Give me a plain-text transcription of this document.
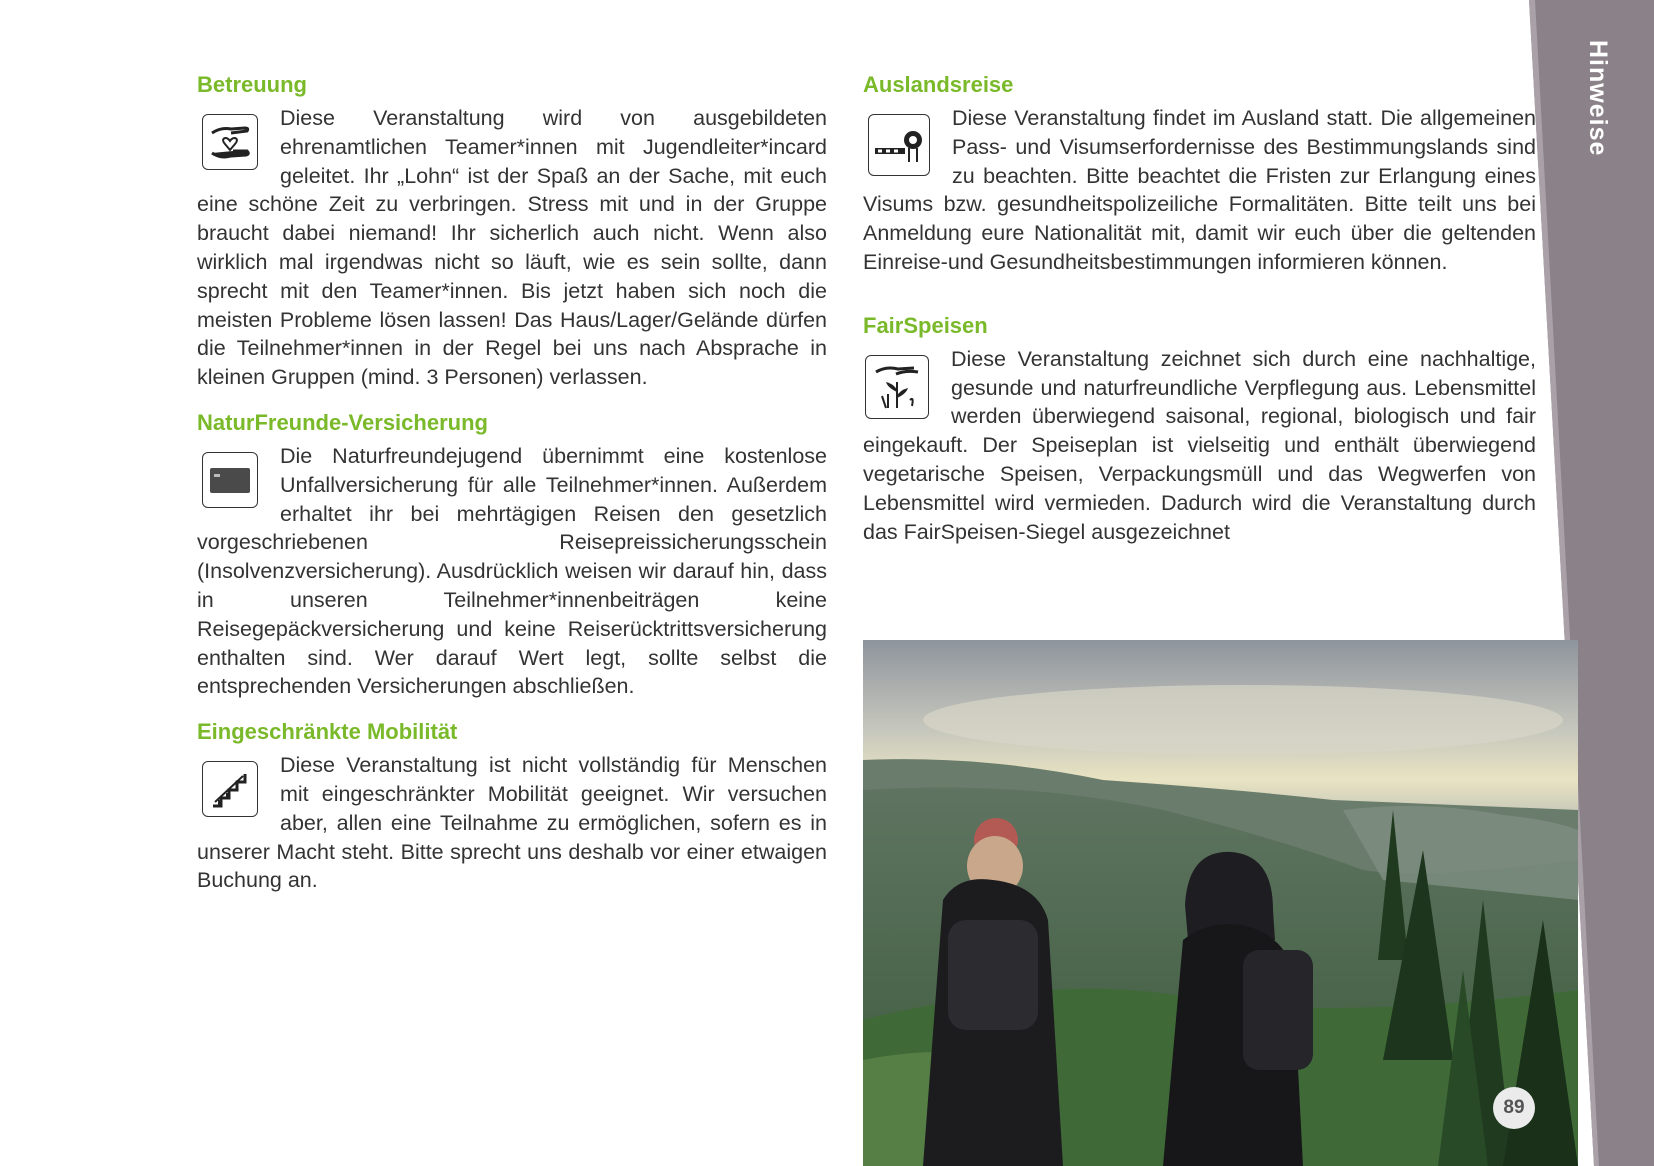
Hinweise
Betreuung

Diese Veranstaltung wird von ausgebildeten ehrenamtlichen Teamer*innen mit Jugendleiter*incard geleitet. Ihr „Lohn“ ist der Spaß an der Sache, mit euch eine schöne Zeit zu verbringen. Stress mit und in der Gruppe braucht dabei niemand! Ihr sicherlich auch nicht. Wenn also wirklich mal irgendwas nicht so läuft, wie es sein sollte, dann sprecht mit den Teamer*innen. Bis jetzt haben sich noch die meisten Probleme lösen lassen! Das Haus/Lager/Gelände dürfen die Teilnehmer*innen in der Regel bei uns nach Absprache in kleinen Gruppen (mind. 3 Personen) verlassen.

NaturFreunde-Versicherung

Die Naturfreundejugend übernimmt eine kostenlose Unfallversicherung für alle Teilnehmer*innen. Außerdem erhaltet ihr bei mehrtägigen Reisen den gesetzlich vorgeschriebenen Reisepreissicherungsschein (Insolvenzversicherung). Ausdrücklich weisen wir darauf hin, dass in unseren Teilnehmer*innenbeiträgen keine Reisegepäckversicherung und keine Reiserücktrittsversicherung enthalten sind. Wer darauf Wert legt, sollte selbst die entsprechenden Versicherungen abschließen.

Eingeschränkte Mobilität

Diese Veranstaltung ist nicht vollständig für Menschen mit eingeschränkter Mobilität geeignet. Wir versuchen aber, allen eine Teilnahme zu ermöglichen, sofern es in unserer Macht steht. Bitte sprecht uns deshalb vor einer etwaigen Buchung an.

Auslandsreise

Diese Veranstaltung findet im Ausland statt. Die allgemeinen Pass- und Visumserfordernisse des Bestimmungslands sind zu beachten. Bitte beachtet die Fristen zur Erlangung eines Visums bzw. gesundheitspolizeiliche Formalitäten. Bitte teilt uns bei Anmeldung eure Nationalität mit, damit wir euch über die geltenden Einreise-und Gesundheitsbestimmungen informieren können.

FairSpeisen

Diese Veranstaltung zeichnet sich durch eine nachhaltige, gesunde und naturfreundliche Verpflegung aus. Lebensmittel werden überwiegend saisonal, regional, biologisch und fair eingekauft. Der Speiseplan ist vielseitig und enthält überwiegend vegetarische Speisen, Verpackungsmüll und das Wegwerfen von Lebensmittel wird vermieden. Dadurch wird die Veranstaltung durch das FairSpeisen-Siegel ausgezeichnet

89
